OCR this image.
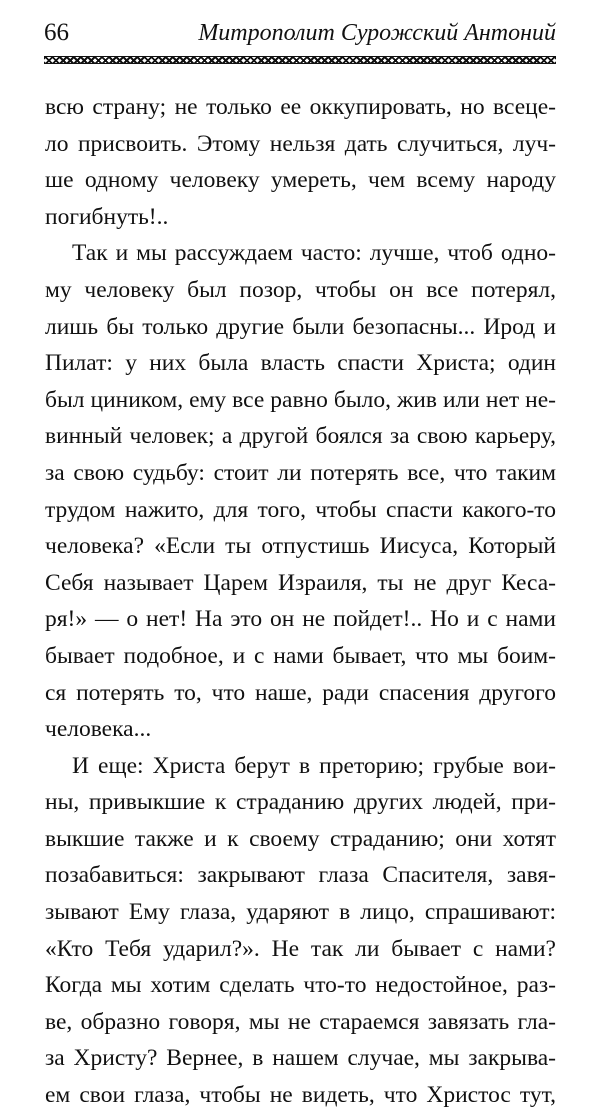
66	Митрополит Сурожский Антоний
всю страну; не только ее оккупировать, но всеце-
ло присвоить. Этому нельзя дать случиться, луч-
ше одному человеку умереть, чем всему народу
погибнуть!..
Так и мы рассуждаем часто: лучше, чтоб одно-
му человеку был позор, чтобы он все потерял,
лишь бы только другие были безопасны... Ирод и
Пилат: у них была власть спасти Христа; один
был циником, ему все равно было, жив или нет не-
винный человек; а другой боялся за свою карьеру,
за свою судьбу: стоит ли потерять все, что таким
трудом нажито, для того, чтобы спасти какого-то
человека? «Если ты отпустишь Иисуса, Который
Себя называет Царем Израиля, ты не друг Кеса-
ря!» — о нет! На это он не пойдет!.. Но и с нами
бывает подобное, и с нами бывает, что мы боим-
ся потерять то, что наше, ради спасения другого
человека...
И еще: Христа берут в преторию; грубые вои-
ны, привыкшие к страданию других людей, при-
выкшие также и к своему страданию; они хотят
позабавиться: закрывают глаза Спасителя, завя-
зывают Ему глаза, ударяют в лицо, спрашивают:
«Кто Тебя ударил?». Не так ли бывает с нами?
Когда мы хотим сделать что-то недостойное, раз-
ве, образно говоря, мы не стараемся завязать гла-
за Христу? Вернее, в нашем случае, мы закрыва-
ем свои глаза, чтобы не видеть, что Христос тут,
